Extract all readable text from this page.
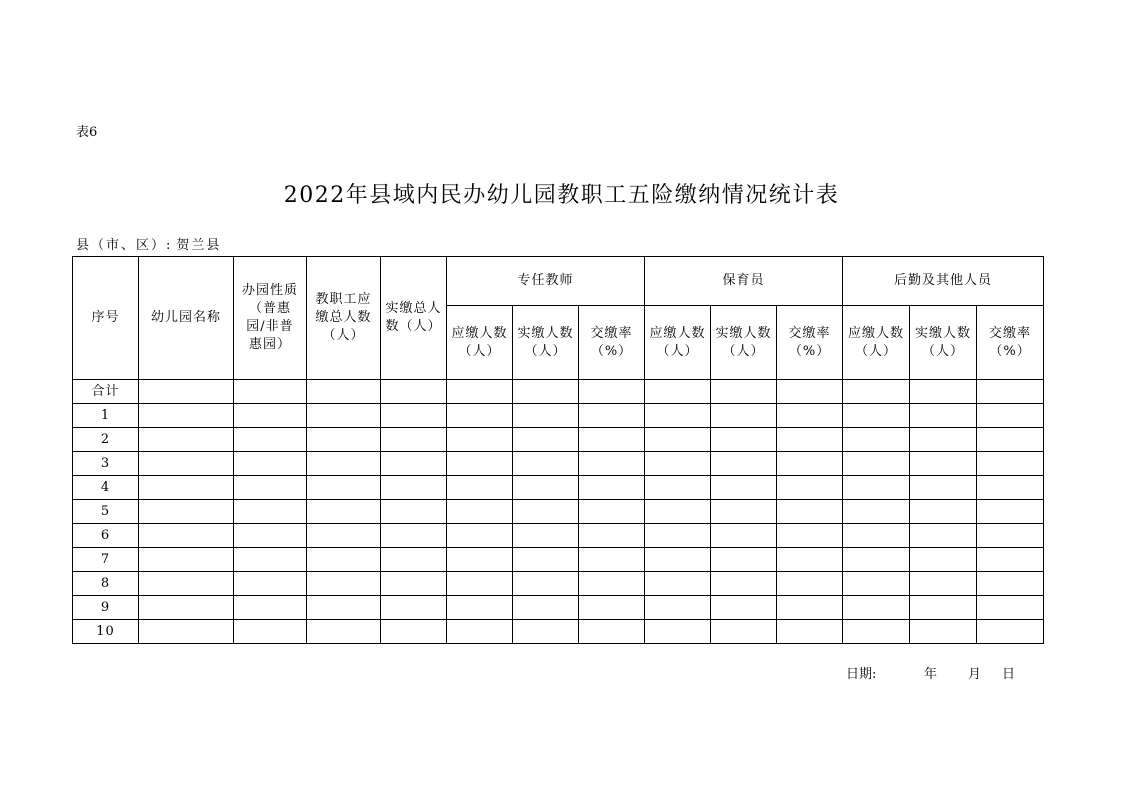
表6
2022年县域内民办幼儿园教职工五险缴纳情况统计表
县（市、区）: 贺兰县
序号	幼儿园名称	办园性质（普惠园/非普惠园）	教职工应缴总人数（人）	实缴总人数（人）	专任教师			保育员			后勤及其他人员		
					应缴人数（人）	实缴人数（人）	交缴率（%）	应缴人数（人）	实缴人数（人）	交缴率（%）	应缴人数（人）	实缴人数（人）	交缴率（%）
合计													
1													
2													
3													
4													
5													
6													
7													
8													
9													
10													
日期:	年 月 日
